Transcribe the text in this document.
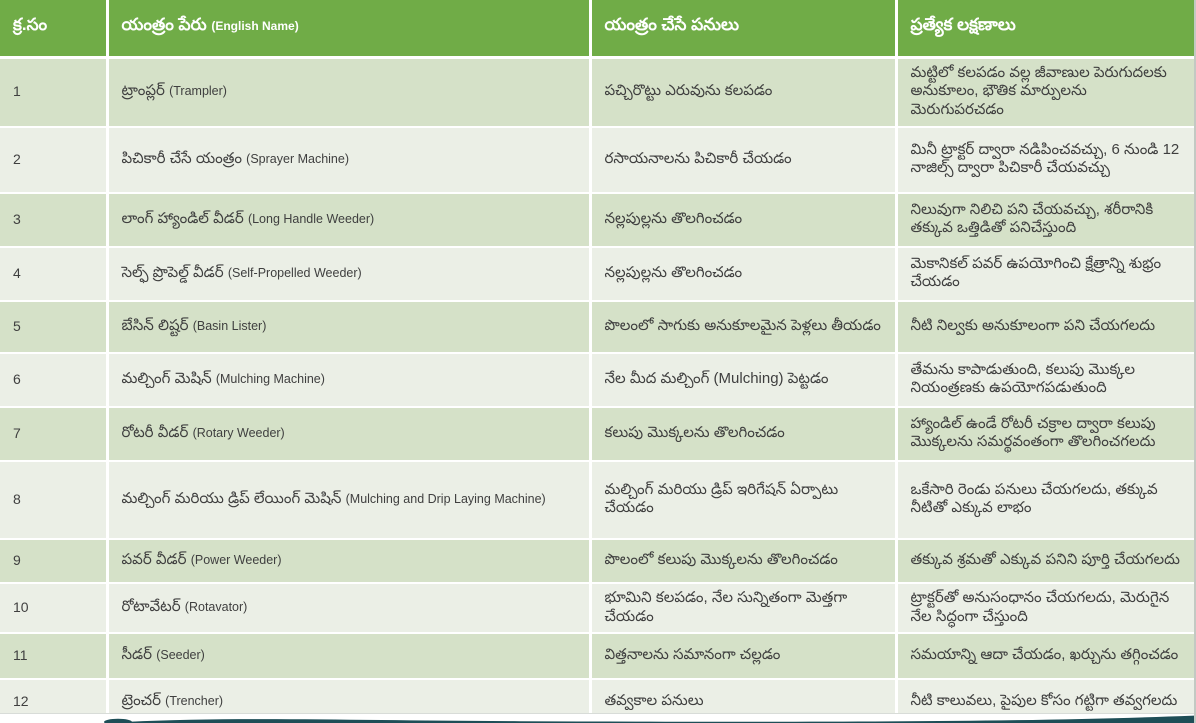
క్ర.సం	యంత్రం పేరు (English Name)	యంత్రం చేసే పనులు	ప్రత్యేక లక్షణాలు
1	ట్రాంప్లర్ (Trampler)	పచ్చిరొట్టు ఎరువును కలపడం	మట్టిలో కలపడం వల్ల జీవాణుల పెరుగుదలకు అనుకూలం, భౌతిక మార్పులను మెరుగుపరచడం
2	పిచికారీ చేసే యంత్రం (Sprayer Machine)	రసాయనాలను పిచికారీ చేయడం	మినీ ట్రాక్టర్ ద్వారా నడిపించవచ్చు, 6 నుండి 12 నాజిల్స్ ద్వారా పిచికారీ చేయవచ్చు
3	లాంగ్ హ్యాండిల్ వీడర్ (Long Handle Weeder)	నల్లపుల్లను తొలగించడం	నిలువుగా నిలిచి పని చేయవచ్చు, శరీరానికి తక్కువ ఒత్తిడితో పనిచేస్తుంది
4	సెల్ఫ్ ప్రొపెల్డ్ వీడర్ (Self-Propelled Weeder)	నల్లపుల్లను తొలగించడం	మెకానికల్ పవర్ ఉపయోగించి క్షేత్రాన్ని శుభ్రం చేయడం
5	బేసిన్ లిష్టర్ (Basin Lister)	పొలంలో సాగుకు అనుకూలమైన పెళ్లలు తీయడం	నీటి నిల్వకు అనుకూలంగా పని చేయగలదు
6	మల్చింగ్ మెషిన్ (Mulching Machine)	నేల మీద మల్చింగ్ (Mulching) పెట్టడం	తేమను కాపాడుతుంది, కలుపు మొక్కల నియంత్రణకు ఉపయోగపడుతుంది
7	రోటరీ వీడర్ (Rotary Weeder)	కలుపు మొక్కలను తొలగించడం	హ్యాండిల్ ఉండే రోటరీ చక్రాల ద్వారా కలుపు మొక్కలను సమర్థవంతంగా తొలగించగలదు
8	మల్చింగ్ మరియు డ్రిప్ లేయింగ్ మెషిన్ (Mulching and Drip Laying Machine)	మల్చింగ్ మరియు డ్రిప్ ఇరిగేషన్ ఏర్పాటు చేయడం	ఒకేసారి రెండు పనులు చేయగలదు, తక్కువ నీటితో ఎక్కువ లాభం
9	పవర్ వీడర్ (Power Weeder)	పొలంలో కలుపు మొక్కలను తొలగించడం	తక్కువ శ్రమతో ఎక్కువ పనిని పూర్తి చేయగలదు
10	రోటావేటర్ (Rotavator)	భూమిని కలపడం, నేల సున్నితంగా మెత్తగా చేయడం	ట్రాక్టర్‌తో అనుసంధానం చేయగలదు, మెరుగైన నేల సిద్ధంగా చేస్తుంది
11	సీడర్ (Seeder)	విత్తనాలను సమానంగా చల్లడం	సమయాన్ని ఆదా చేయడం, ఖర్చును తగ్గించడం
12	ట్రెంచర్ (Trencher)	తవ్వకాల పనులు	నీటి కాలువలు, పైపుల కోసం గట్టిగా తవ్వగలదు
